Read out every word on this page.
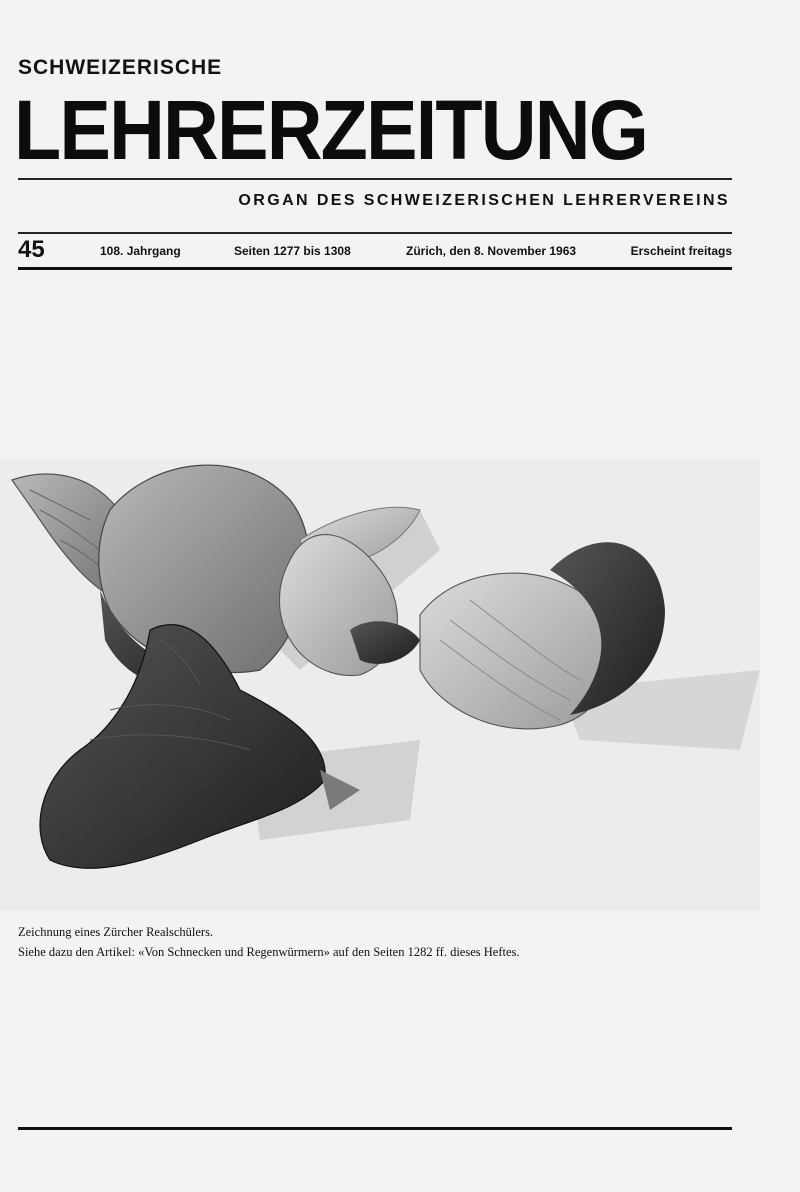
SCHWEIZERISCHE
LEHRERZEITUNG
ORGAN DES SCHWEIZERISCHEN LEHRERVEREINS
45	108. Jahrgang	Seiten 1277 bis 1308	Zürich, den 8. November 1963	Erscheint freitags
Zeichnung eines Zürcher Realschülers.
Siehe dazu den Artikel: «Von Schnecken und Regenwürmern» auf den Seiten 1282 ff. dieses Heftes.
